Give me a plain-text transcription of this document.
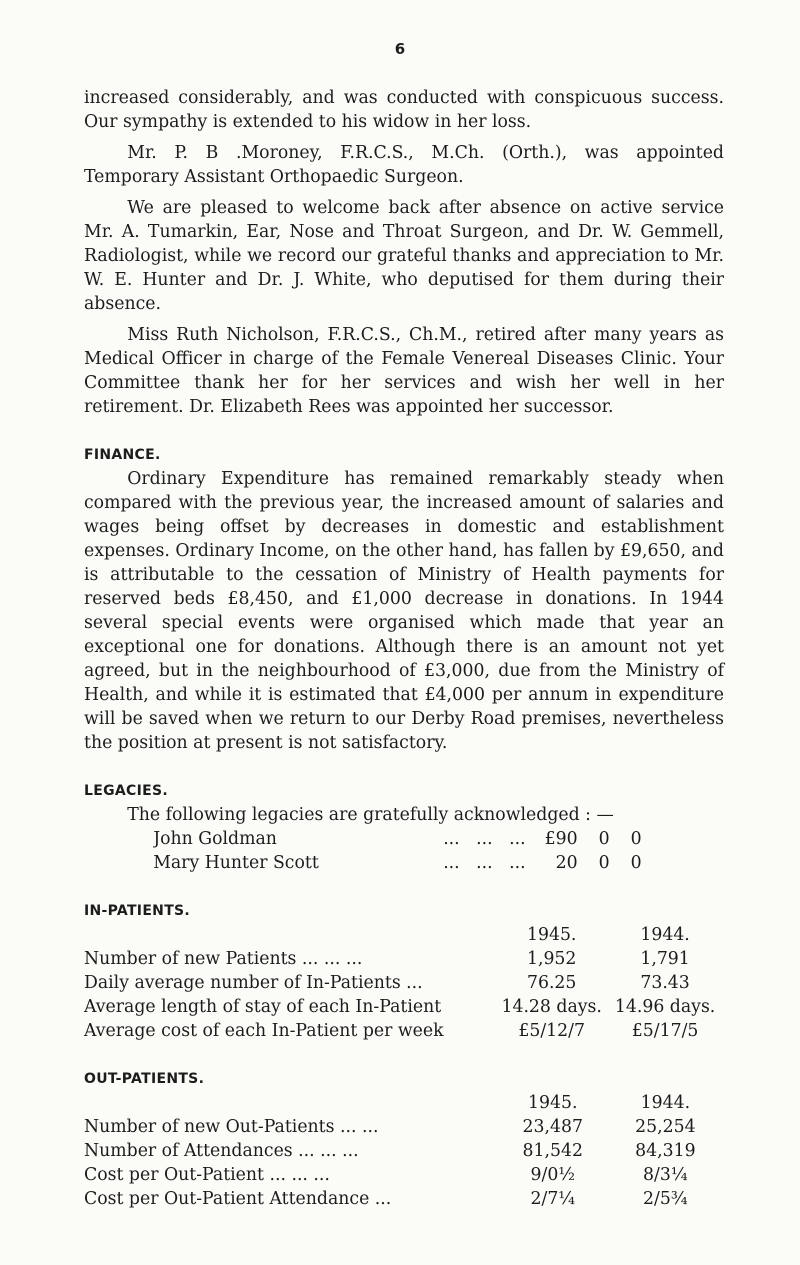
6

increased considerably, and was conducted with conspicuous success. Our sympathy is extended to his widow in her loss.

Mr. P. B .Moroney, F.R.C.S., M.Ch. (Orth.), was appointed Temporary Assistant Orthopaedic Surgeon.

We are pleased to welcome back after absence on active service Mr. A. Tumarkin, Ear, Nose and Throat Surgeon, and Dr. W. Gemmell, Radiologist, while we record our grateful thanks and appreciation to Mr. W. E. Hunter and Dr. J. White, who deputised for them during their absence.

Miss Ruth Nicholson, F.R.C.S., Ch.M., retired after many years as Medical Officer in charge of the Female Venereal Diseases Clinic. Your Committee thank her for her services and wish her well in her retirement. Dr. Elizabeth Rees was appointed her successor.

FINANCE.

Ordinary Expenditure has remained remarkably steady when compared with the previous year, the increased amount of salaries and wages being offset by decreases in domestic and establishment expenses. Ordinary Income, on the other hand, has fallen by £9,650, and is attributable to the cessation of Ministry of Health payments for reserved beds £8,450, and £1,000 decrease in donations. In 1944 several special events were organised which made that year an exceptional one for donations. Although there is an amount not yet agreed, but in the neighbourhood of £3,000, due from the Ministry of Health, and while it is estimated that £4,000 per annum in expenditure will be saved when we return to our Derby Road premises, nevertheless the position at present is not satisfactory.

LEGACIES.
The following legacies are gratefully acknowledged : —
John Goldman	...   ...   ...	£90	0	0
Mary Hunter Scott	...   ...   ...	20	0	0
IN-PATIENTS.
	1945.	1944.
Number of new Patients ... ... ...	1,952	1,791
Daily average number of In-Patients ...	76.25	73.43
Average length of stay of each In-Patient	14.28 days.	14.96 days.
Average cost of each In-Patient per week	£5/12/7	£5/17/5
OUT-PATIENTS.
	1945.	1944.
Number of new Out-Patients ... ...	23,487	25,254
Number of Attendances ... ... ...	81,542	84,319
Cost per Out-Patient ... ... ...	9/0½	8/3¼
Cost per Out-Patient Attendance ...	2/7¼	2/5¾
